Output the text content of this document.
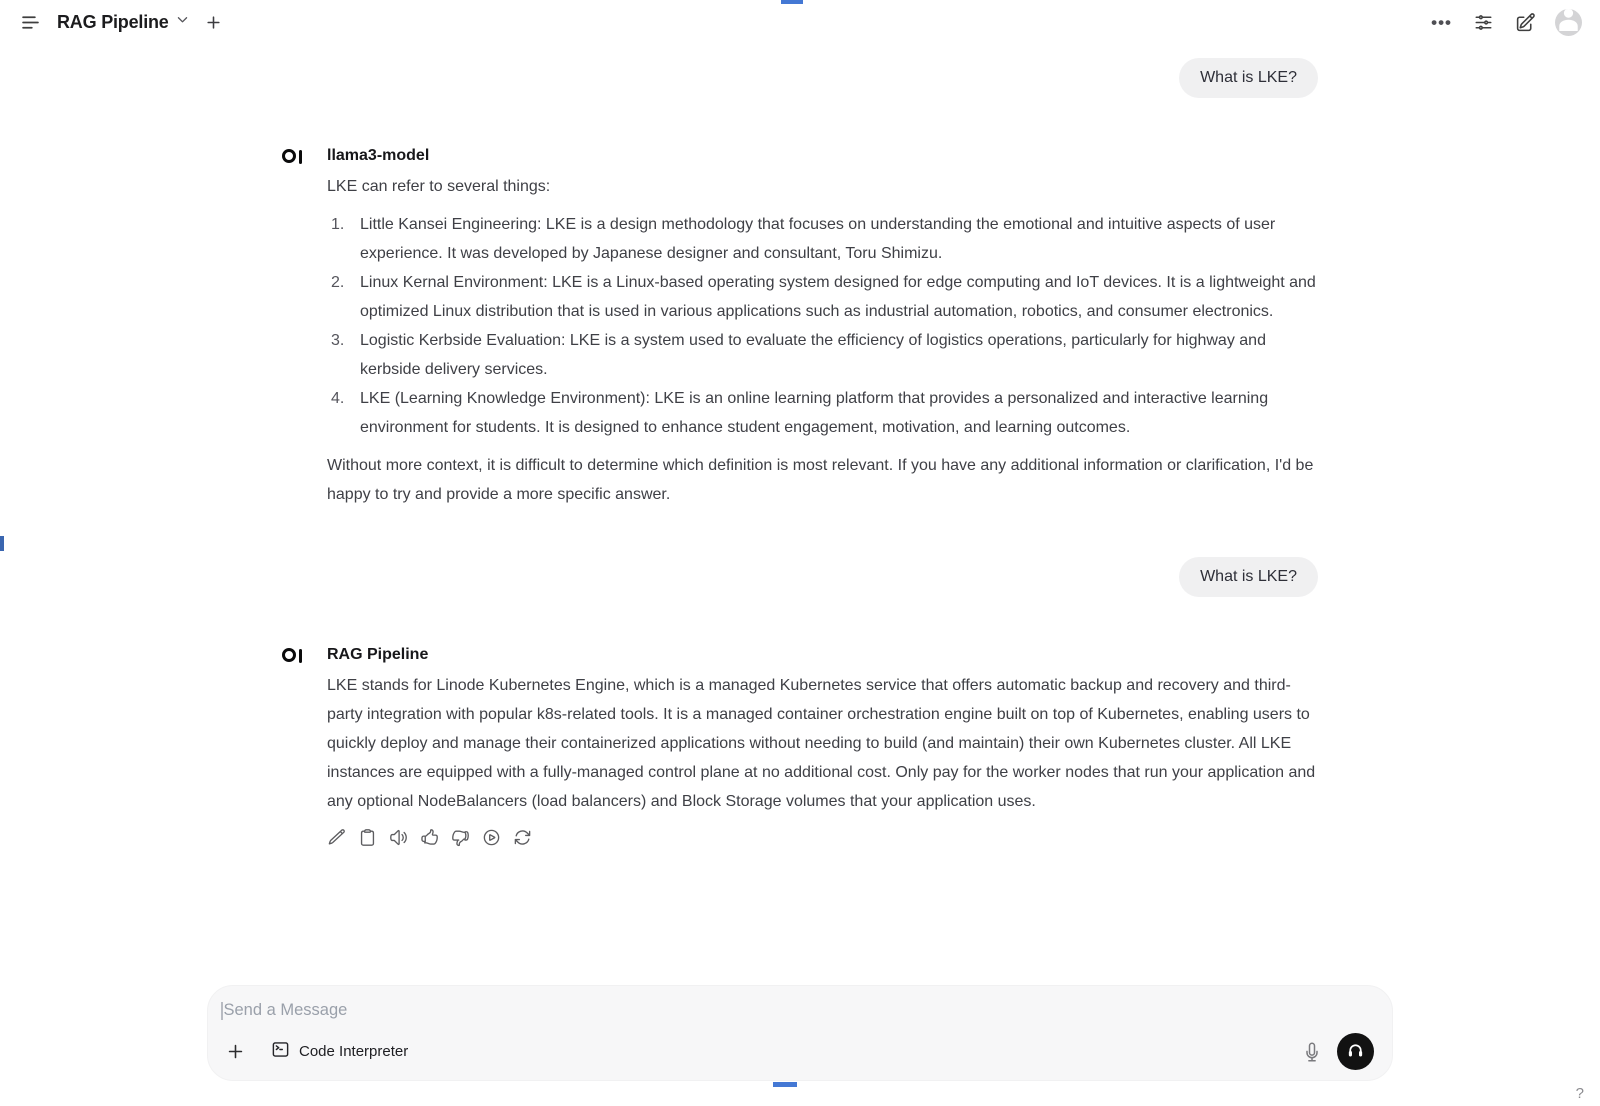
RAG Pipeline	•••
What is LKE?
llama3-model

LKE can refer to several things:

1. Little Kansei Engineering: LKE is a design methodology that focuses on understanding the emotional and intuitive aspects of user experience. It was developed by Japanese designer and consultant, Toru Shimizu.
2. Linux Kernal Environment: LKE is a Linux-based operating system designed for edge computing and IoT devices. It is a lightweight and optimized Linux distribution that is used in various applications such as industrial automation, robotics, and consumer electronics.
3. Logistic Kerbside Evaluation: LKE is a system used to evaluate the efficiency of logistics operations, particularly for highway and kerbside delivery services.
4. LKE (Learning Knowledge Environment): LKE is an online learning platform that provides a personalized and interactive learning environment for students. It is designed to enhance student engagement, motivation, and learning outcomes.

Without more context, it is difficult to determine which definition is most relevant. If you have any additional information or clarification, I'd be happy to try and provide a more specific answer.

What is LKE?
RAG Pipeline

LKE stands for Linode Kubernetes Engine, which is a managed Kubernetes service that offers automatic backup and recovery and third-party integration with popular k8s-related tools. It is a managed container orchestration engine built on top of Kubernetes, enabling users to quickly deploy and manage their containerized applications without needing to build (and maintain) their own Kubernetes cluster. All LKE instances are equipped with a fully-managed control plane at no additional cost. Only pay for the worker nodes that run your application and any optional NodeBalancers (load balancers) and Block Storage volumes that your application uses.

Send a Message
Code Interpreter
?
